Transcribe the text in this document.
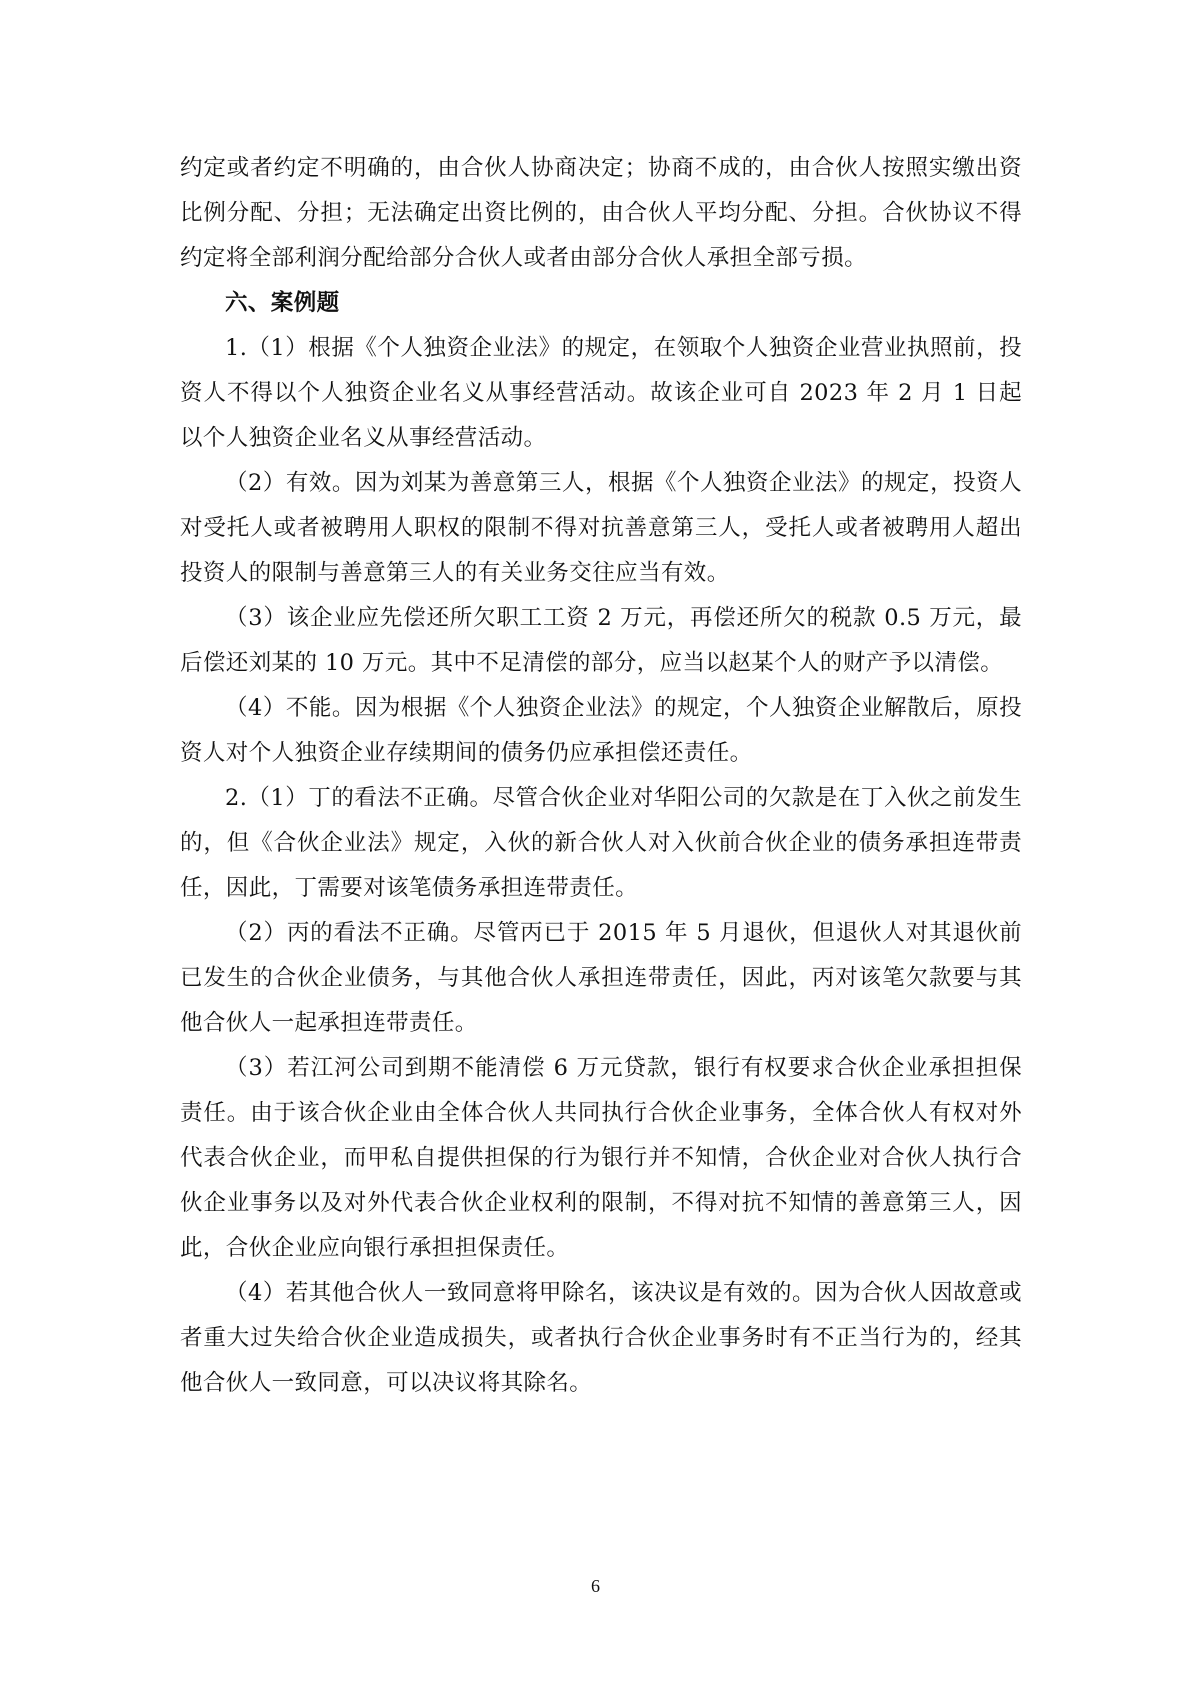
约定或者约定不明确的，由合伙人协商决定；协商不成的，由合伙人按照实缴出资比例分配、分担；无法确定出资比例的，由合伙人平均分配、分担。合伙协议不得约定将全部利润分配给部分合伙人或者由部分合伙人承担全部亏损。

六、案例题

1.（1）根据《个人独资企业法》的规定，在领取个人独资企业营业执照前，投资人不得以个人独资企业名义从事经营活动。故该企业可自 2023 年 2 月 1 日起以个人独资企业名义从事经营活动。

（2）有效。因为刘某为善意第三人，根据《个人独资企业法》的规定，投资人对受托人或者被聘用人职权的限制不得对抗善意第三人，受托人或者被聘用人超出投资人的限制与善意第三人的有关业务交往应当有效。

（3）该企业应先偿还所欠职工工资 2 万元，再偿还所欠的税款 0.5 万元，最后偿还刘某的 10 万元。其中不足清偿的部分，应当以赵某个人的财产予以清偿。

（4）不能。因为根据《个人独资企业法》的规定，个人独资企业解散后，原投资人对个人独资企业存续期间的债务仍应承担偿还责任。

2.（1）丁的看法不正确。尽管合伙企业对华阳公司的欠款是在丁入伙之前发生的，但《合伙企业法》规定，入伙的新合伙人对入伙前合伙企业的债务承担连带责任，因此，丁需要对该笔债务承担连带责任。

（2）丙的看法不正确。尽管丙已于 2015 年 5 月退伙，但退伙人对其退伙前已发生的合伙企业债务，与其他合伙人承担连带责任，因此，丙对该笔欠款要与其他合伙人一起承担连带责任。

（3）若江河公司到期不能清偿 6 万元贷款，银行有权要求合伙企业承担担保责任。由于该合伙企业由全体合伙人共同执行合伙企业事务，全体合伙人有权对外代表合伙企业，而甲私自提供担保的行为银行并不知情，合伙企业对合伙人执行合伙企业事务以及对外代表合伙企业权利的限制，不得对抗不知情的善意第三人，因此，合伙企业应向银行承担担保责任。

（4）若其他合伙人一致同意将甲除名，该决议是有效的。因为合伙人因故意或者重大过失给合伙企业造成损失，或者执行合伙企业事务时有不正当行为的，经其他合伙人一致同意，可以决议将其除名。

6
